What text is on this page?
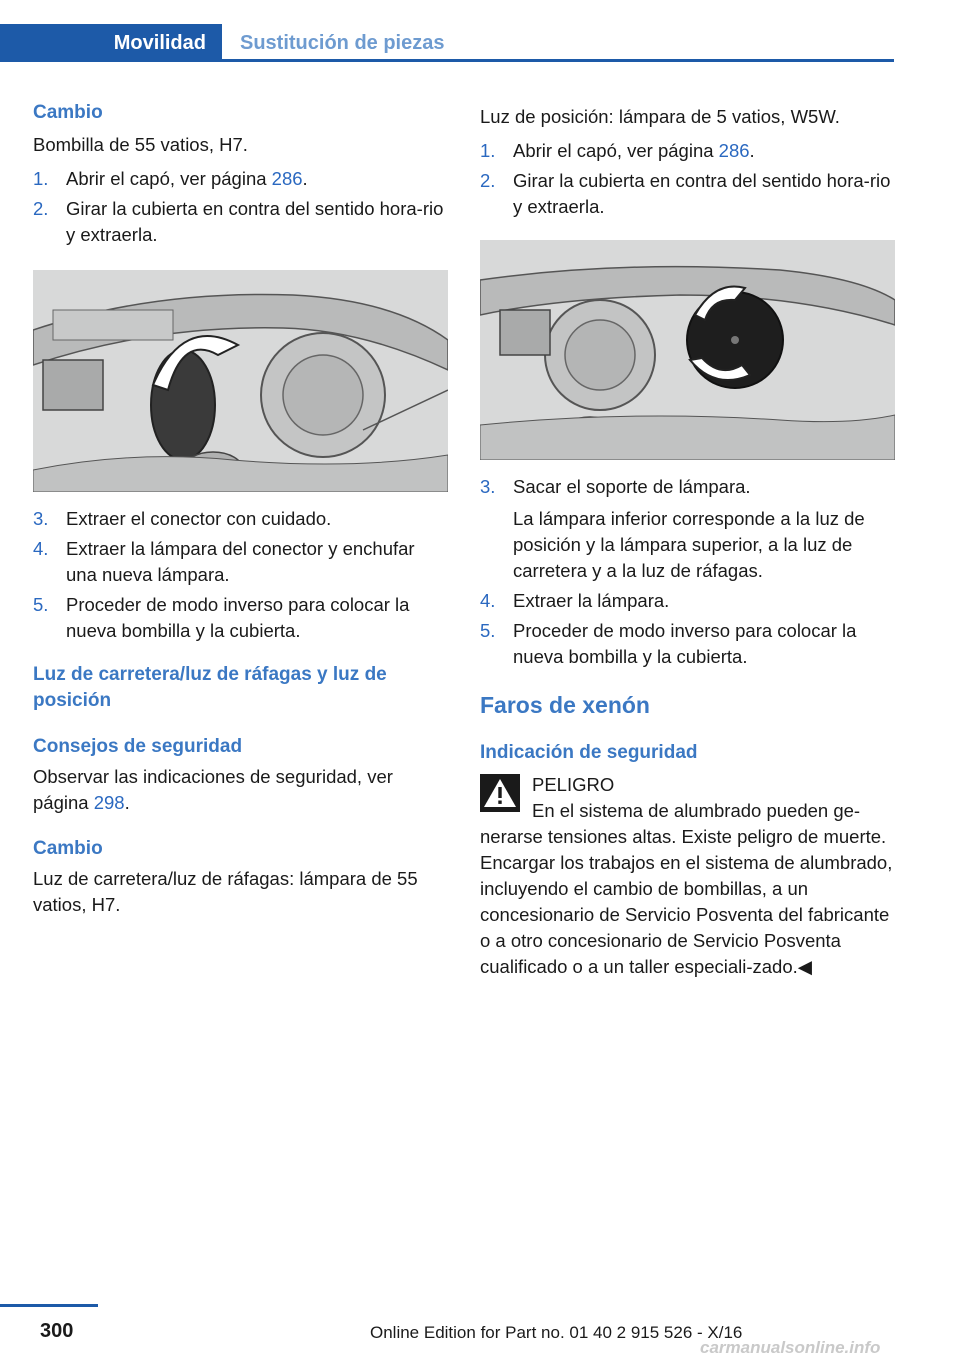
Movilidad	Sustitución de piezas

Cambio

Bombilla de 55 vatios, H7.

1. Abrir el capó, ver página 286.
2. Girar la cubierta en contra del sentido hora-rio y extraerla.
3. Extraer el conector con cuidado.
4. Extraer la lámpara del conector y enchufar una nueva lámpara.
5. Proceder de modo inverso para colocar la nueva bombilla y la cubierta.

Luz de carretera/luz de ráfagas y luz de posición

Consejos de seguridad

Observar las indicaciones de seguridad, ver página 298.

Cambio

Luz de carretera/luz de ráfagas: lámpara de 55 vatios, H7.

Luz de posición: lámpara de 5 vatios, W5W.

1. Abrir el capó, ver página 286.
2. Girar la cubierta en contra del sentido hora-rio y extraerla.
3. Sacar el soporte de lámpara.
La lámpara inferior corresponde a la luz de posición y la lámpara superior, a la luz de carretera y a la luz de ráfagas.
4. Extraer la lámpara.
5. Proceder de modo inverso para colocar la nueva bombilla y la cubierta.

Faros de xenón

Indicación de seguridad

PELIGRO

En el sistema de alumbrado pueden ge-nerarse tensiones altas. Existe peligro de muerte. Encargar los trabajos en el sistema de alumbrado, incluyendo el cambio de bombillas, a un concesionario de Servicio Posventa del fabricante o a otro concesionario de Servicio Posventa cualificado o a un taller especiali-zado.◀

300	Online Edition for Part no. 01 40 2 915 526 - X/16
carmanualsonline.info
